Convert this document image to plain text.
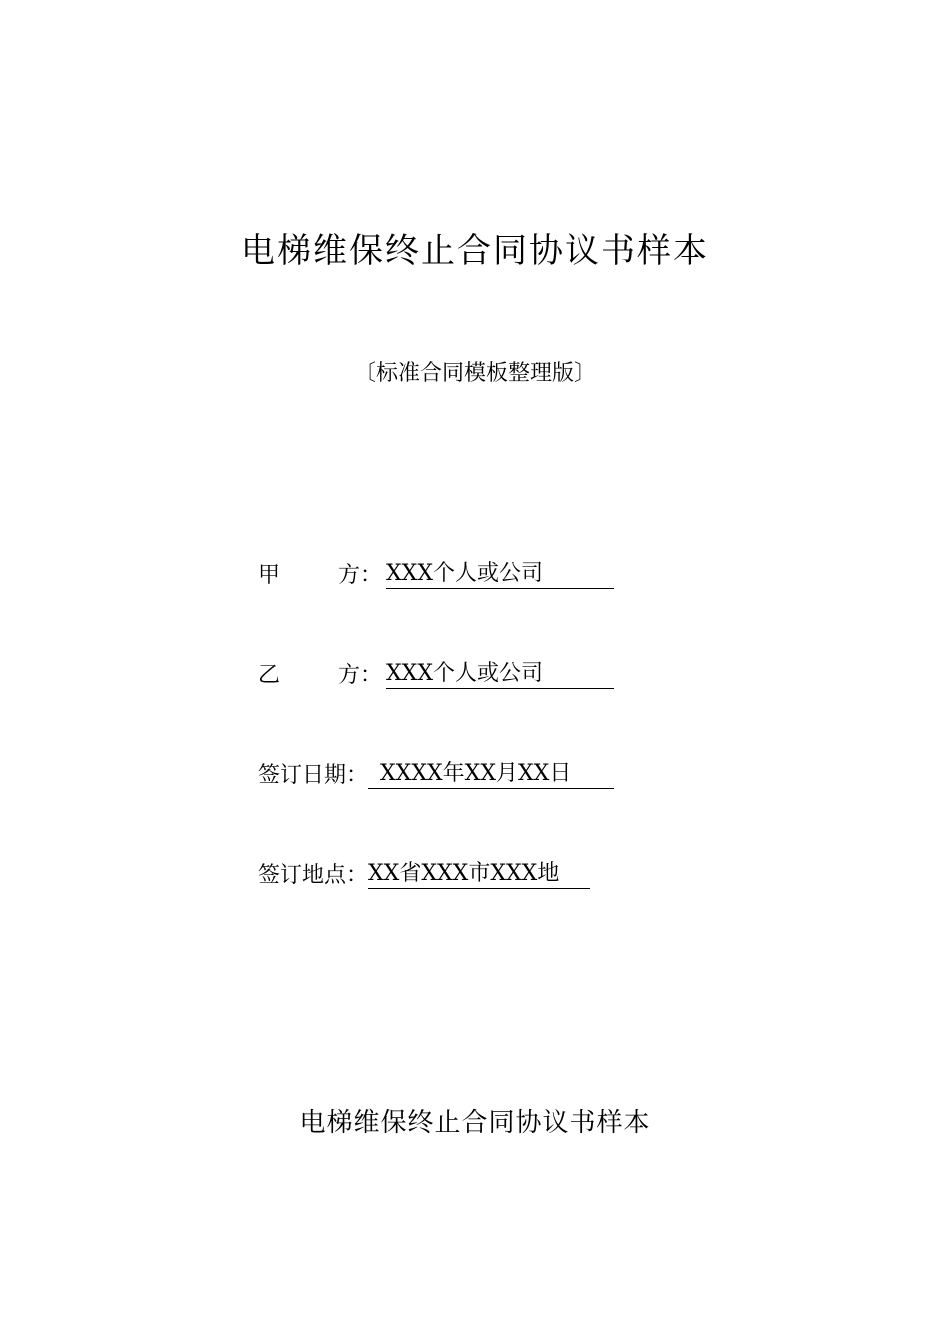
电梯维保终止合同协议书样本
〔标准合同模板整理版〕
甲	方： XXX个人或公司
乙	方： XXX个人或公司
签订日期： XXXX年XX月XX日
签订地点：XX省XXX市XXX地
电梯维保终止合同协议书样本
